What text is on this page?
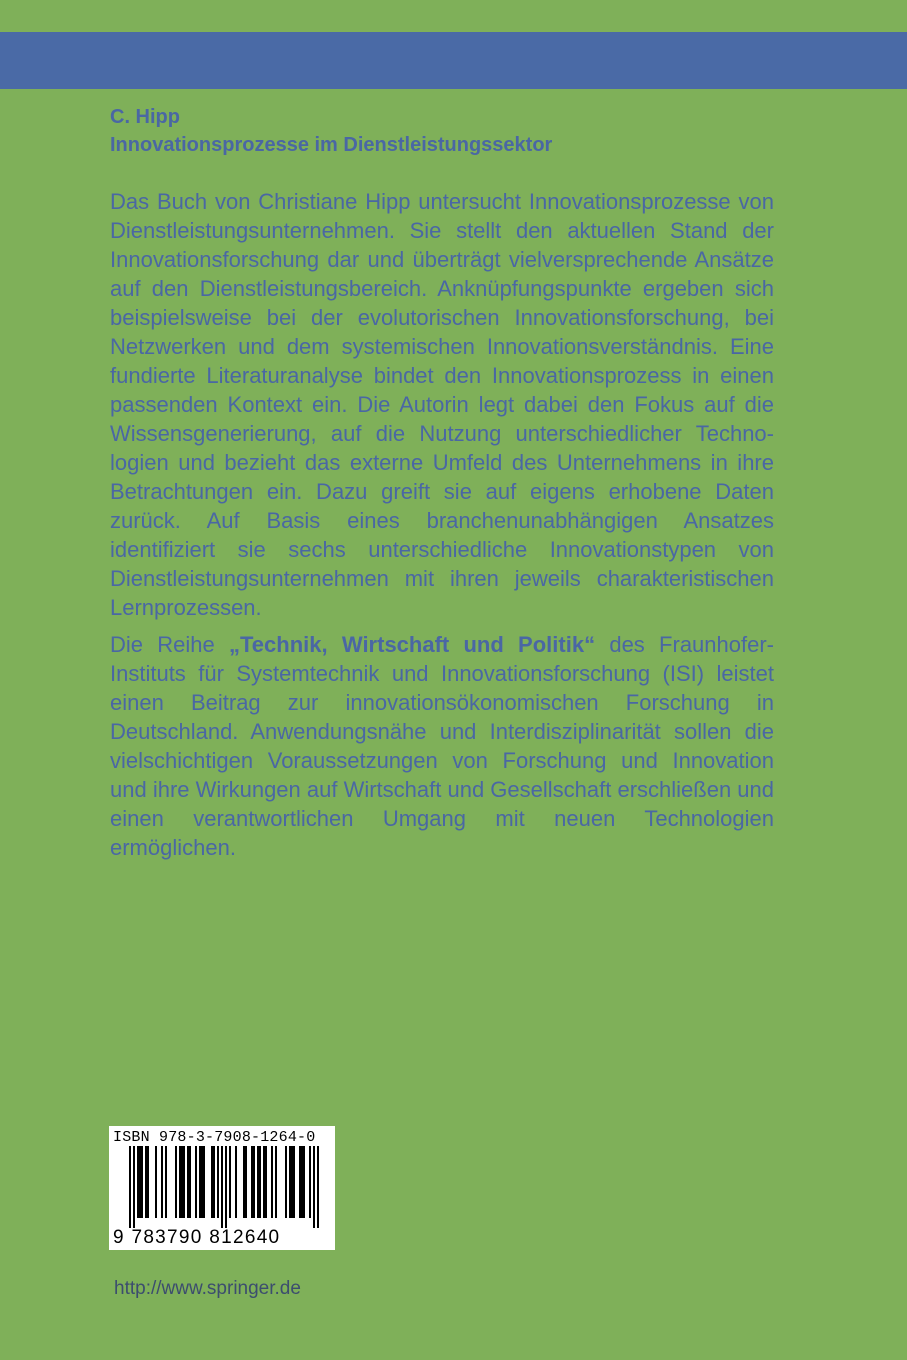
C. Hipp
Innovationsprozesse im Dienstleistungssektor

Das Buch von Christiane Hipp untersucht Innovationsprozesse von Dienstleistungsunternehmen. Sie stellt den aktuellen Stand der Innovationsforschung dar und überträgt vielversprechende Ansätze auf den Dienstleistungsbereich. Anknüpfungspunkte ergeben sich beispielsweise bei der evolutorischen Innovationsforschung, bei Netzwerken und dem systemischen Innovationsverständnis. Eine fundierte Literaturanalyse bindet den Innovationsprozess in einen passenden Kontext ein. Die Autorin legt dabei den Fokus auf die Wissensgenerierung, auf die Nutzung unterschiedlicher Technologien und bezieht das externe Umfeld des Unternehmens in ihre Betrachtungen ein. Dazu greift sie auf eigens erhobene Daten zurück. Auf Basis eines branchenunabhängigen Ansatzes identifiziert sie sechs unterschiedliche Innovationstypen von Dienstleistungsunternehmen mit ihren jeweils charakteristischen Lernprozessen.

Die Reihe „Technik, Wirtschaft und Politik“ des Fraunhofer-Instituts für Systemtechnik und Innovationsforschung (ISI) leistet einen Beitrag zur innovationsökonomischen Forschung in Deutschland. Anwendungsnähe und Interdisziplinarität sollen die vielschichtigen Voraussetzungen von Forschung und Innovation und ihre Wirkungen auf Wirtschaft und Gesellschaft erschließen und einen verantwortlichen Umgang mit neuen Technologien ermöglichen.

ISBN 978-3-7908-1264-0
9 783790 812640
http://www.springer.de
